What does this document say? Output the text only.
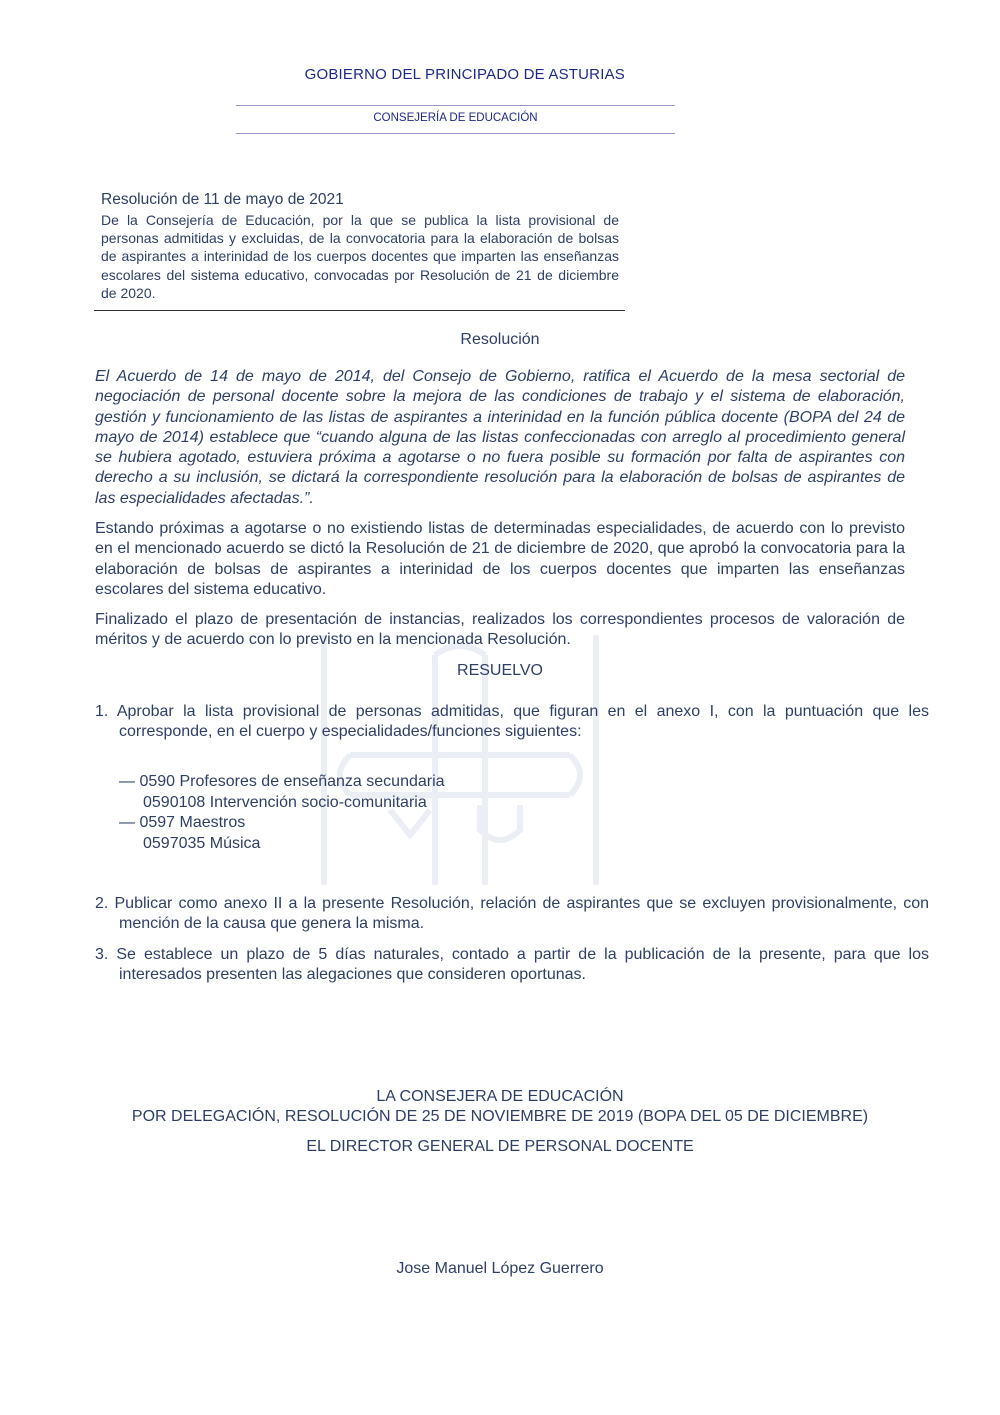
GOBIERNO DEL PRINCIPADO DE ASTURIAS
CONSEJERÍA DE EDUCACIÓN
Resolución de 11 de mayo de 2021
De la Consejería de Educación, por la que se publica la lista provisional de personas admitidas y excluidas, de la convocatoria para la elaboración de bolsas de aspirantes a interinidad de los cuerpos docentes que imparten las enseñanzas escolares del sistema educativo, convocadas por Resolución de 21 de diciembre de 2020.
Resolución
El Acuerdo de 14 de mayo de 2014, del Consejo de Gobierno, ratifica el Acuerdo de la mesa sectorial de negociación de personal docente sobre la mejora de las condiciones de trabajo y el sistema de elaboración, gestión y funcionamiento de las listas de aspirantes a interinidad en la función pública docente (BOPA del 24 de mayo de 2014) establece que “cuando alguna de las listas confeccionadas con arreglo al procedimiento general se hubiera agotado, estuviera próxima a agotarse o no fuera posible su formación por falta de aspirantes con derecho a su inclusión, se dictará la correspondiente resolución para la elaboración de bolsas de aspirantes de las especialidades afectadas.”.
Estando próximas a agotarse o no existiendo listas de determinadas especialidades, de acuerdo con lo previsto en el mencionado acuerdo se dictó la Resolución de 21 de diciembre de 2020, que aprobó la convocatoria para la elaboración de bolsas de aspirantes a interinidad de los cuerpos docentes que imparten las enseñanzas escolares del sistema educativo.
Finalizado el plazo de presentación de instancias, realizados los correspondientes procesos de valoración de méritos y de acuerdo con lo previsto en la mencionada Resolución.
RESUELVO
1. Aprobar la lista provisional de personas admitidas, que figuran en el anexo I, con la puntuación que les corresponde, en el cuerpo y especialidades/funciones siguientes:
— 0590 Profesores de enseñanza secundaria
0590108 Intervención socio-comunitaria
— 0597 Maestros
0597035 Música
2. Publicar como anexo II a la presente Resolución, relación de aspirantes que se excluyen provisionalmente, con mención de la causa que genera la misma.
3. Se establece un plazo de 5 días naturales, contado a partir de la publicación de la presente, para que los interesados presenten las alegaciones que consideren oportunas.
LA CONSEJERA DE EDUCACIÓN
POR DELEGACIÓN, RESOLUCIÓN DE 25 DE NOVIEMBRE DE 2019 (BOPA DEL 05 DE DICIEMBRE)
EL DIRECTOR GENERAL DE PERSONAL DOCENTE
Jose Manuel López Guerrero
